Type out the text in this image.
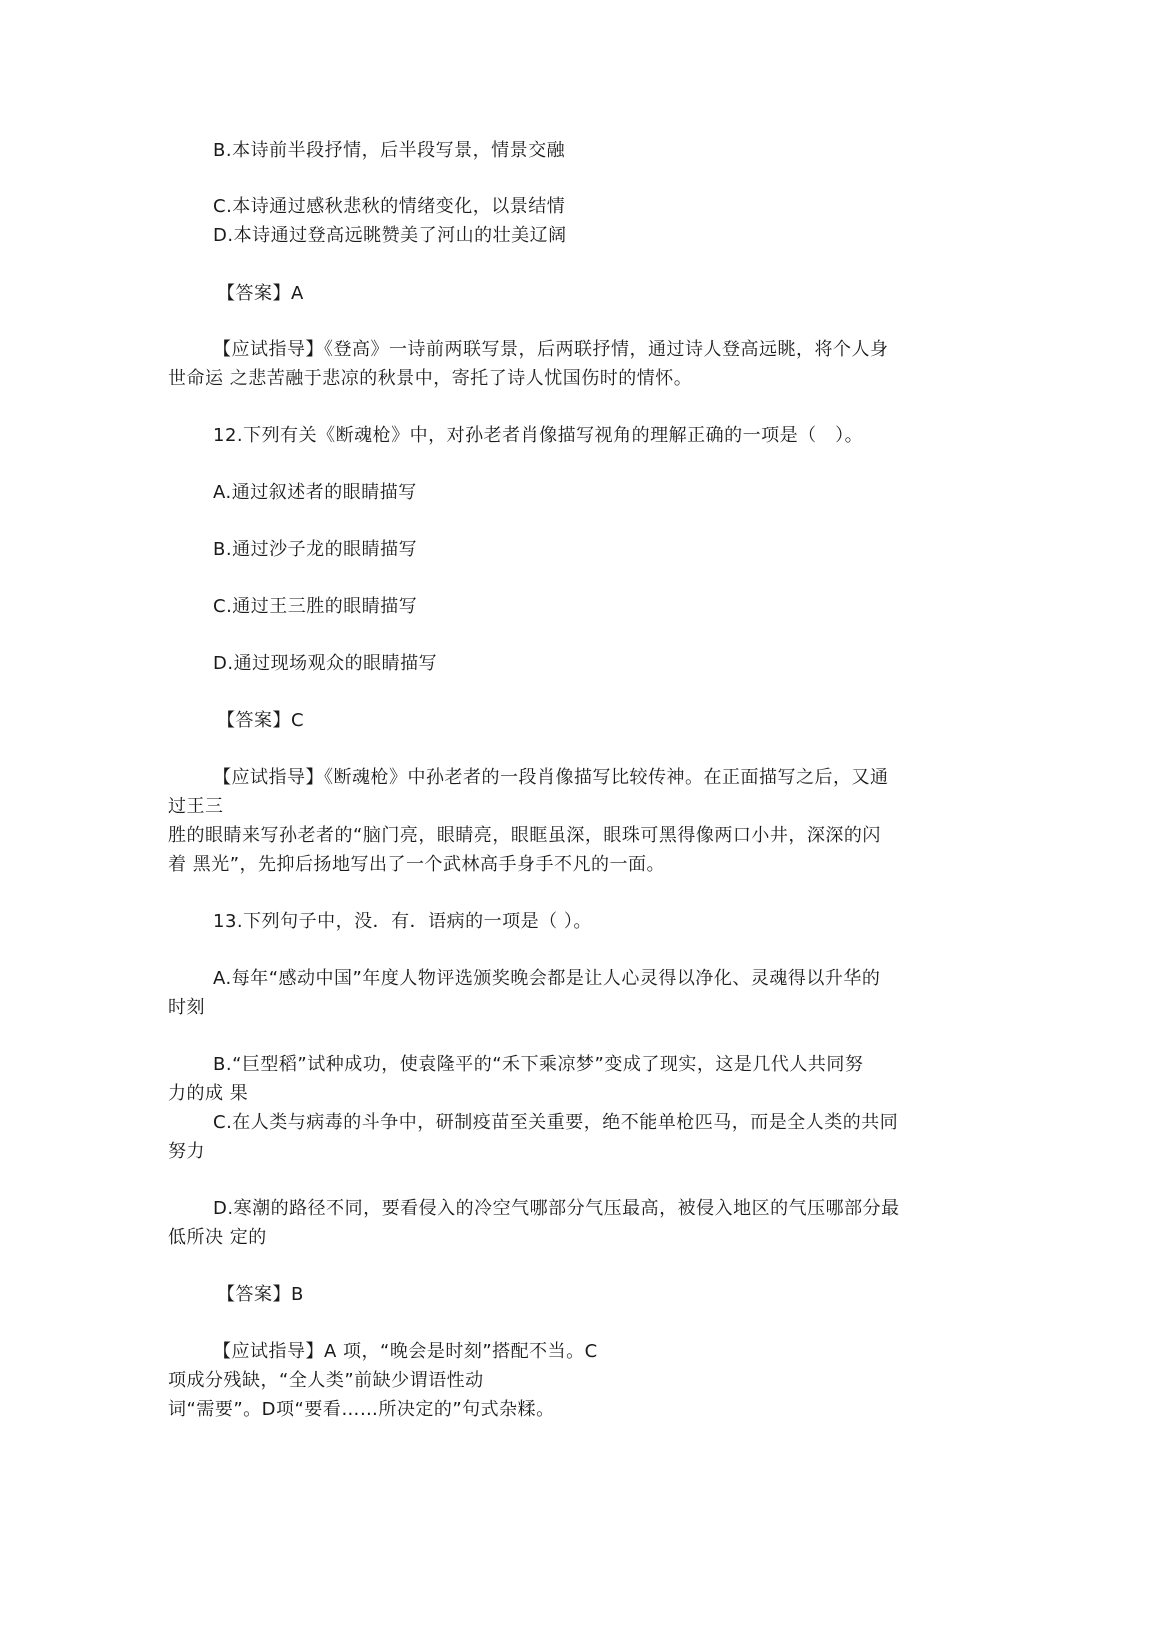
B.本诗前半段抒情，后半段写景，情景交融
C.本诗通过感秋悲秋的情绪变化，以景结情
D.本诗通过登高远眺赞美了河山的壮美辽阔
【答案】A
【应试指导】《登高》一诗前两联写景，后两联抒情，通过诗人登高远眺，将个人身
世命运 之悲苦融于悲凉的秋景中，寄托了诗人忧国伤时的情怀。
12.下列有关《断魂枪》中，对孙老者肖像描写视角的理解正确的一项是（　）。
A.通过叙述者的眼睛描写
B.通过沙子龙的眼睛描写
C.通过王三胜的眼睛描写
D.通过现场观众的眼睛描写
【答案】C
【应试指导】《断魂枪》中孙老者的一段肖像描写比较传神。在正面描写之后，又通
过王三
胜的眼睛来写孙老者的“脑门亮，眼睛亮，眼眶虽深，眼珠可黑得像两口小井，深深的闪
着 黑光”，先抑后扬地写出了一个武林高手身手不凡的一面。
13.下列句子中，没．有．语病的一项是（ ）。
A.每年“感动中国”年度人物评选颁奖晚会都是让人心灵得以净化、灵魂得以升华的
时刻
B.“巨型稻”试种成功，使袁隆平的“禾下乘凉梦”变成了现实，这是几代人共同努
力的成 果
C.在人类与病毒的斗争中，研制疫苗至关重要，绝不能单枪匹马，而是全人类的共同
努力
D.寒潮的路径不同，要看侵入的冷空气哪部分气压最高，被侵入地区的气压哪部分最
低所决 定的
【答案】B
【应试指导】A 项，“晚会是时刻”搭配不当。C
项成分残缺，“全人类”前缺少谓语性动
词“需要”。D项“要看……所决定的”句式杂糅。
